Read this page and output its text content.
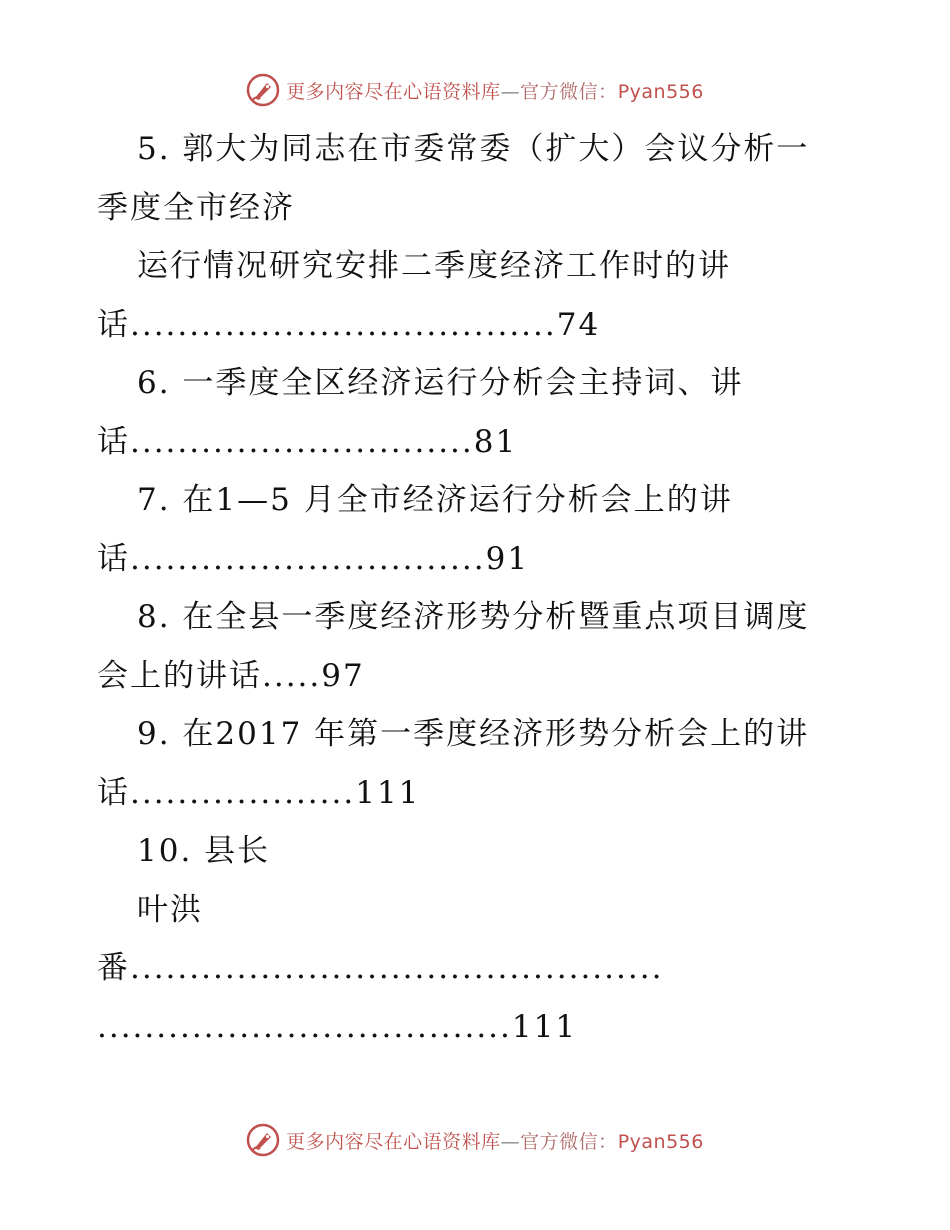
更多内容尽在心语资料库—官方微信：Pyan556
5. 郭大为同志在市委常委（扩大）会议分析一
季度全市经济
运行情况研究安排二季度经济工作时的讲
话....................................74
6. 一季度全区经济运行分析会主持词、讲
话.............................81
7. 在1—5 月全市经济运行分析会上的讲
话..............................91
8. 在全县一季度经济形势分析暨重点项目调度
会上的讲话.....97
9. 在2017 年第一季度经济形势分析会上的讲
话...................111
10. 县长
叶洪
番.............................................
...................................111
更多内容尽在心语资料库—官方微信：Pyan556
